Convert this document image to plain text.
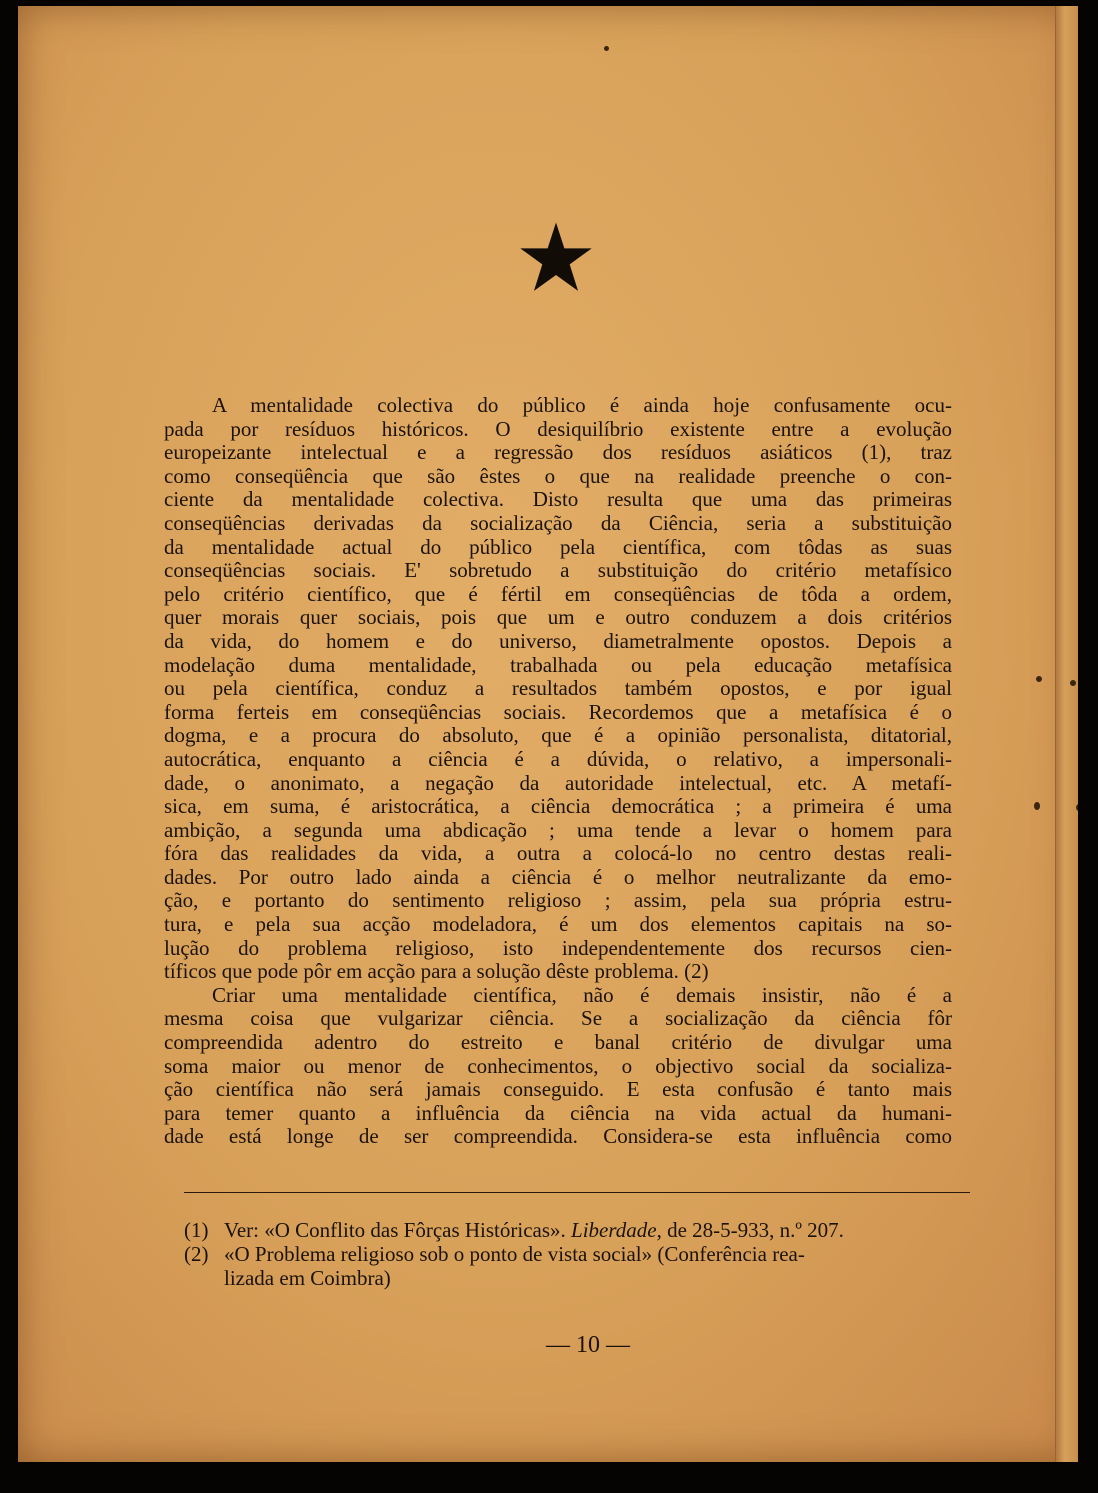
A mentalidade colectiva do público é ainda hoje confusamente ocu-
pada por resíduos históricos. O desiquilíbrio existente entre a evolução
europeizante intelectual e a regressão dos resíduos asiáticos (1), traz
como conseqüência que são êstes o que na realidade preenche o con-
ciente da mentalidade colectiva. Disto resulta que uma das primeiras
conseqüências derivadas da socialização da Ciência, seria a substituição
da mentalidade actual do público pela científica, com tôdas as suas
conseqüências sociais. E' sobretudo a substituição do critério metafísico
pelo critério científico, que é fértil em conseqüências de tôda a ordem,
quer morais quer sociais, pois que um e outro conduzem a dois critérios
da vida, do homem e do universo, diametralmente opostos. Depois a
modelação duma mentalidade, trabalhada ou pela educação metafísica
ou pela científica, conduz a resultados também opostos, e por igual
forma ferteis em conseqüências sociais. Recordemos que a metafísica é o
dogma, e a procura do absoluto, que é a opinião personalista, ditatorial,
autocrática, enquanto a ciência é a dúvida, o relativo, a impersonali-
dade, o anonimato, a negação da autoridade intelectual, etc. A metafí-
sica, em suma, é aristocrática, a ciência democrática ; a primeira é uma
ambição, a segunda uma abdicação ; uma tende a levar o homem para
fóra das realidades da vida, a outra a colocá-lo no centro destas reali-
dades. Por outro lado ainda a ciência é o melhor neutralizante da emo-
ção, e portanto do sentimento religioso ; assim, pela sua própria estru-
tura, e pela sua acção modeladora, é um dos elementos capitais na so-
lução do problema religioso, isto independentemente dos recursos cien-
tíficos que pode pôr em acção para a solução dêste problema. (2)
Criar uma mentalidade científica, não é demais insistir, não é a
mesma coisa que vulgarizar ciência. Se a socialização da ciência fôr
compreendida adentro do estreito e banal critério de divulgar uma
soma maior ou menor de conhecimentos, o objectivo social da socializa-
ção científica não será jamais conseguido. E esta confusão é tanto mais
para temer quanto a influência da ciência na vida actual da humani-
dade está longe de ser compreendida. Considera-se esta influência como
(1) Ver: «O Conflito das Fôrças Históricas». Liberdade, de 28-5-933, n.º 207.
(2) «O Problema religioso sob o ponto de vista social» (Conferência rea-
lizada em Coimbra)
— 10 —
